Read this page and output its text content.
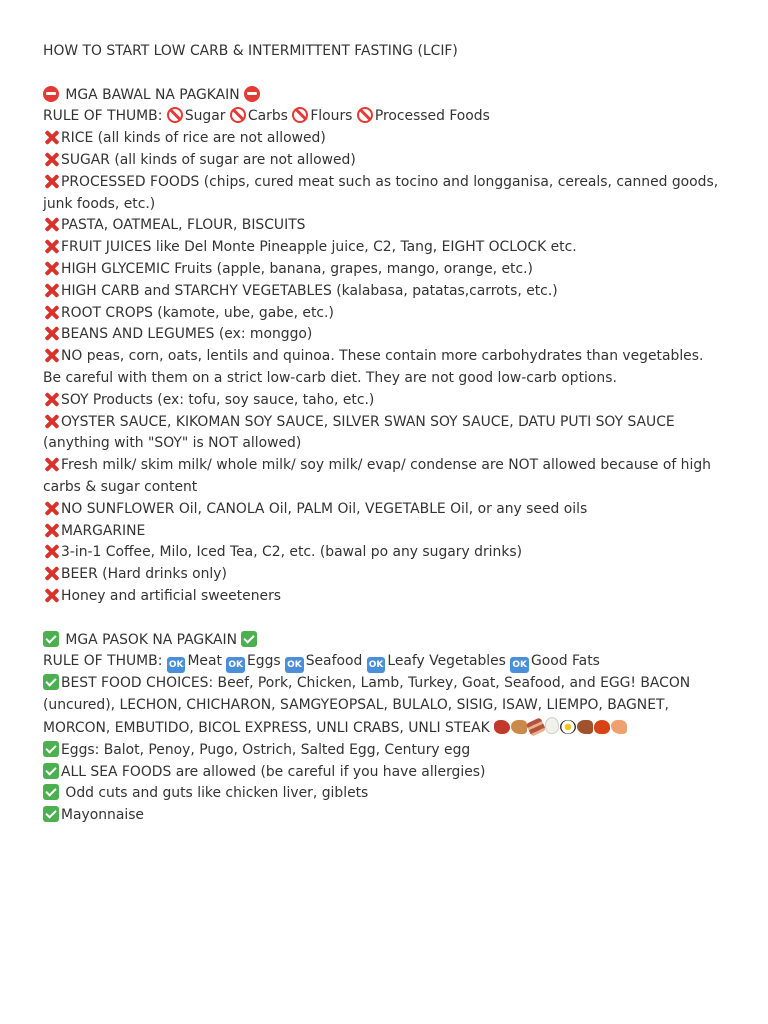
HOW TO START LOW CARB & INTERMITTENT FASTING (LCIF)

MGA BAWAL NA PAGKAIN

RULE OF THUMB: Sugar Carbs Flours Processed Foods

RICE (all kinds of rice are not allowed)

SUGAR (all kinds of sugar are not allowed)

PROCESSED FOODS (chips, cured meat such as tocino and longganisa, cereals, canned goods, junk foods, etc.)

PASTA, OATMEAL, FLOUR, BISCUITS

FRUIT JUICES like Del Monte Pineapple juice, C2, Tang, EIGHT OCLOCK etc.

HIGH GLYCEMIC Fruits (apple, banana, grapes, mango, orange, etc.)

HIGH CARB and STARCHY VEGETABLES (kalabasa, patatas,carrots, etc.)

ROOT CROPS (kamote, ube, gabe, etc.)

BEANS AND LEGUMES (ex: monggo)

NO peas, corn, oats, lentils and quinoa. These contain more carbohydrates than vegetables. Be careful with them on a strict low-carb diet. They are not good low-carb options.

SOY Products (ex: tofu, soy sauce, taho, etc.)

OYSTER SAUCE, KIKOMAN SOY SAUCE, SILVER SWAN SOY SAUCE, DATU PUTI SOY SAUCE (anything with "SOY" is NOT allowed)

Fresh milk/ skim milk/ whole milk/ soy milk/ evap/ condense are NOT allowed because of high carbs & sugar content

NO SUNFLOWER Oil, CANOLA Oil, PALM Oil, VEGETABLE Oil, or any seed oils

MARGARINE

3-in-1 Coffee, Milo, Iced Tea, C2, etc. (bawal po any sugary drinks)

BEER (Hard drinks only)

Honey and artificial sweeteners

MGA PASOK NA PAGKAIN

RULE OF THUMB: OK Meat OK Eggs OK Seafood OK Leafy Vegetables OK Good Fats

BEST FOOD CHOICES: Beef, Pork, Chicken, Lamb, Turkey, Goat, Seafood, and EGG! BACON (uncured), LECHON, CHICHARON, SAMGYEOPSAL, BULALO, SISIG, ISAW, LIEMPO, BAGNET, MORCON, EMBUTIDO, BICOL EXPRESS, UNLI CRABS, UNLI STEAK

Eggs: Balot, Penoy, Pugo, Ostrich, Salted Egg, Century egg

ALL SEA FOODS are allowed (be careful if you have allergies)

Odd cuts and guts like chicken liver, giblets

Mayonnaise
